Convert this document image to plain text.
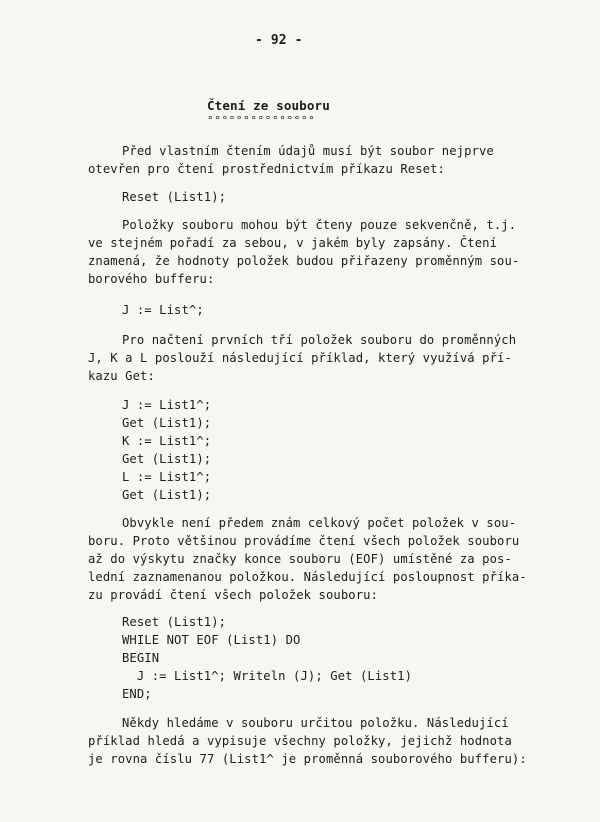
- 92 -
Čtení ze souboru
°°°°°°°°°°°°°°°
Před vlastním čtením údajů musí být soubor nejprve
otevřen pro čtení prostřednictvím příkazu Reset:
Reset (List1);
Položky souboru mohou být čteny pouze sekvenčně, t.j.
ve stejném pořadí za sebou, v jakém byly zapsány. Čtení
znamená, že hodnoty položek budou přiřazeny proměnným sou-
borového bufferu:
J := List^;
Pro načtení prvních tří položek souboru do proměnných
J, K a L poslouží následující příklad, který využívá pří-
kazu Get:
J := List1^;
Get (List1);
K := List1^;
Get (List1);
L := List1^;
Get (List1);
Obvykle není předem znám celkový počet položek v sou-
boru. Proto většinou provádíme čtení všech položek souboru
až do výskytu značky konce souboru (EOF) umístěné za pos-
lední zaznamenanou položkou. Následující posloupnost příka-
zu provádí čtení všech položek souboru:
Reset (List1);
WHILE NOT EOF (List1) DO
BEGIN
J := List1^; Writeln (J); Get (List1)
END;
Někdy hledáme v souboru určitou položku. Následující
příklad hledá a vypisuje všechny položky, jejichž hodnota
je rovna číslu 77 (List1^ je proměnná souborového bufferu):
